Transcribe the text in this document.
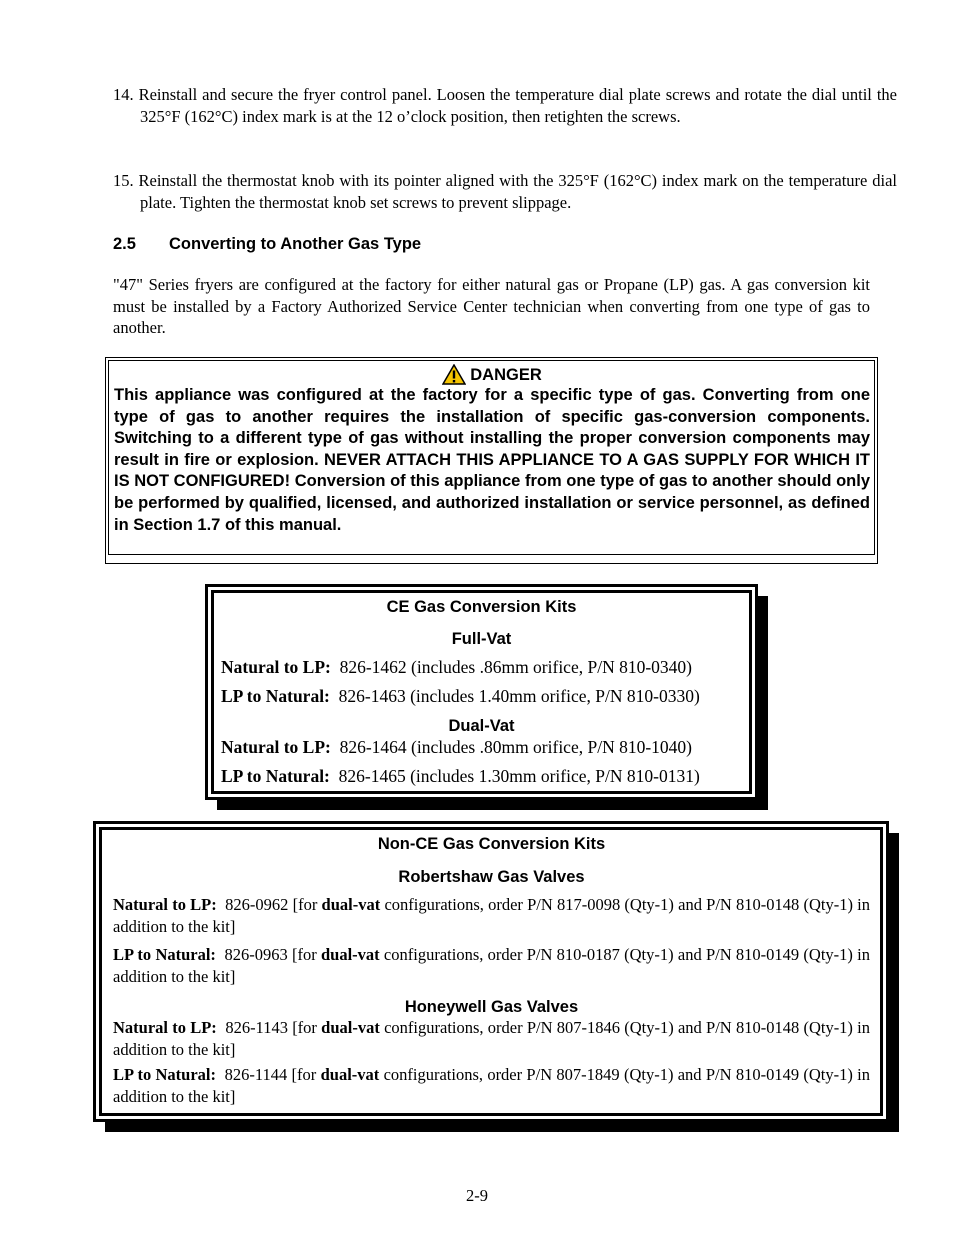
14. Reinstall and secure the fryer control panel. Loosen the temperature dial plate screws and rotate the dial until the 325°F (162°C) index mark is at the 12 o’clock position, then retighten the screws.
15. Reinstall the thermostat knob with its pointer aligned with the 325°F (162°C) index mark on the temperature dial plate. Tighten the thermostat knob set screws to prevent slippage.
2.5 Converting to Another Gas Type
"47" Series fryers are configured at the factory for either natural gas or Propane (LP) gas. A gas conversion kit must be installed by a Factory Authorized Service Center technician when converting from one type of gas to another.
DANGER
This appliance was configured at the factory for a specific type of gas. Converting from one type of gas to another requires the installation of specific gas-conversion components. Switching to a different type of gas without installing the proper conversion components may result in fire or explosion. NEVER ATTACH THIS APPLIANCE TO A GAS SUPPLY FOR WHICH IT IS NOT CONFIGURED! Conversion of this appliance from one type of gas to another should only be performed by qualified, licensed, and authorized installation or service personnel, as defined in Section 1.7 of this manual.
CE Gas Conversion Kits
Full-Vat
Natural to LP: 826-1462 (includes .86mm orifice, P/N 810-0340)
LP to Natural: 826-1463 (includes 1.40mm orifice, P/N 810-0330)
Dual-Vat
Natural to LP: 826-1464 (includes .80mm orifice, P/N 810-1040)
LP to Natural: 826-1465 (includes 1.30mm orifice, P/N 810-0131)
Non-CE Gas Conversion Kits
Robertshaw Gas Valves
Natural to LP: 826-0962 [for dual-vat configurations, order P/N 817-0098 (Qty-1) and P/N 810-0148 (Qty-1) in addition to the kit]
LP to Natural: 826-0963 [for dual-vat configurations, order P/N 810-0187 (Qty-1) and P/N 810-0149 (Qty-1) in addition to the kit]
Honeywell Gas Valves
Natural to LP: 826-1143 [for dual-vat configurations, order P/N 807-1846 (Qty-1) and P/N 810-0148 (Qty-1) in addition to the kit]
LP to Natural: 826-1144 [for dual-vat configurations, order P/N 807-1849 (Qty-1) and P/N 810-0149 (Qty-1) in addition to the kit]
2-9
